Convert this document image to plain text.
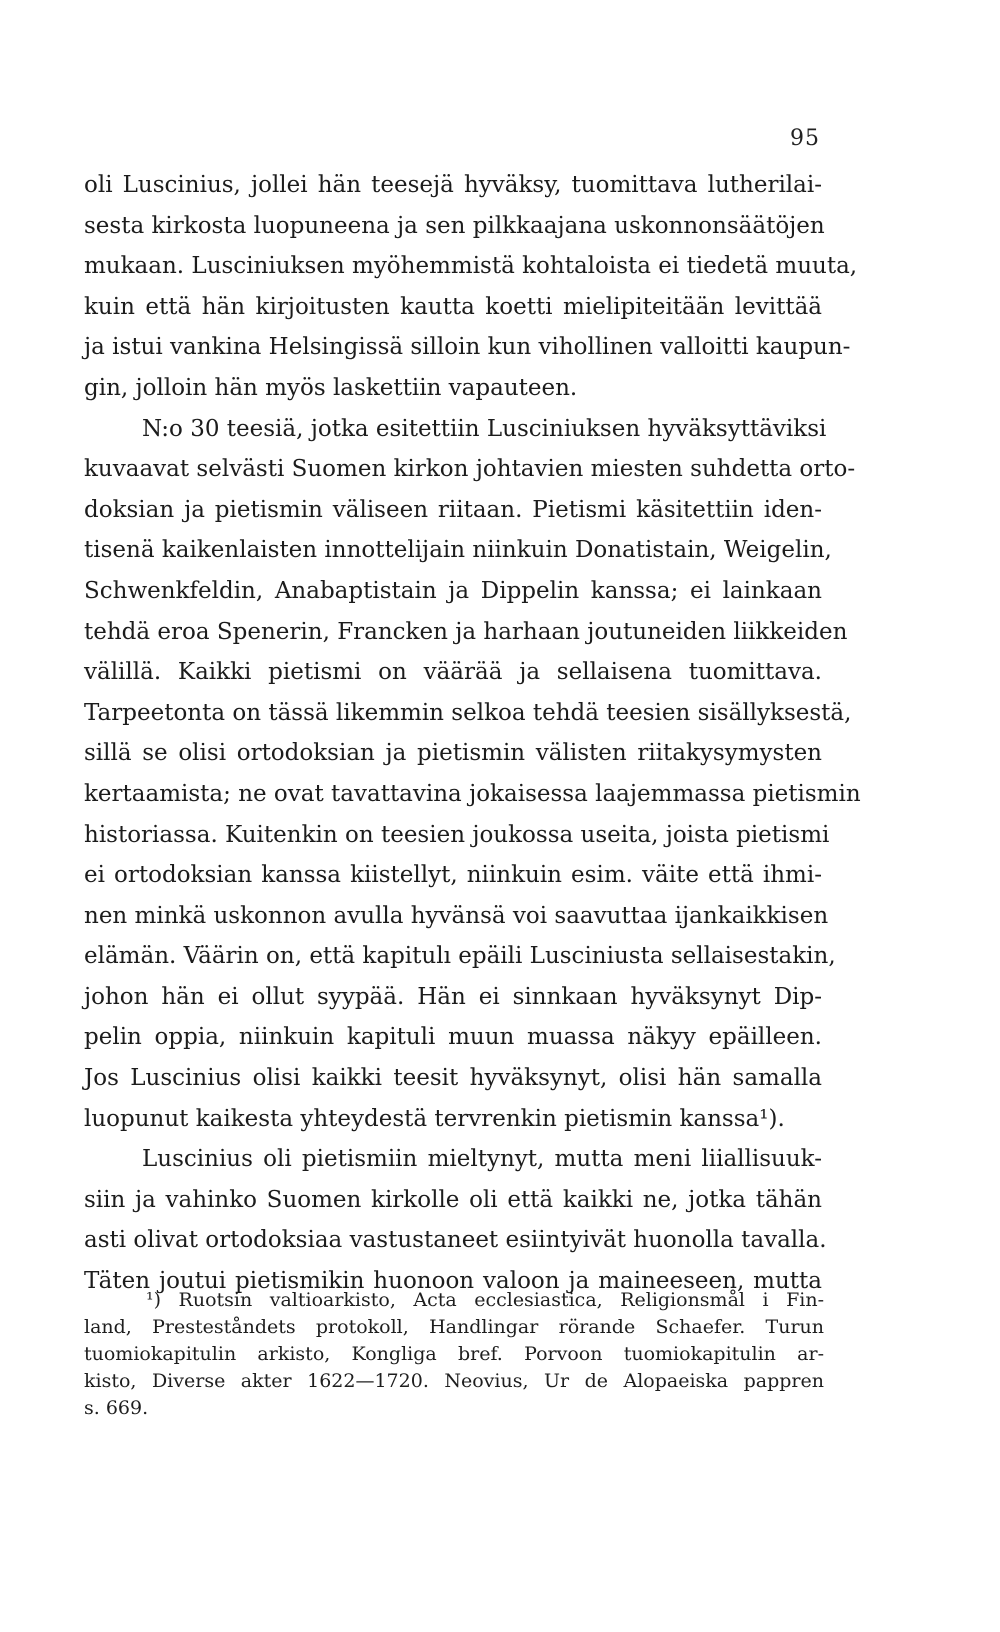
95
oli Luscinius, jollei hän teesejä hyväksy, tuomittava lutherilai-
sesta kirkosta luopuneena ja sen pilkkaajana uskonnonsäätöjen
mukaan. Lusciniuksen myöhemmistä kohtaloista ei tiedetä muuta,
kuin että hän kirjoitusten kautta koetti mielipiteitään levittää
ja istui vankina Helsingissä silloin kun vihollinen valloitti kaupun-
gin, jolloin hän myös laskettiin vapauteen.
N:o 30 teesiä, jotka esitettiin Lusciniuksen hyväksyttäviksi
kuvaavat selvästi Suomen kirkon johtavien miesten suhdetta orto-
doksian ja pietismin väliseen riitaan. Pietismi käsitettiin iden-
tisenä kaikenlaisten innottelijain niinkuin Donatistain, Weigelin,
Schwenkfeldin, Anabaptistain ja Dippelin kanssa; ei lainkaan
tehdä eroa Spenerin, Francken ja harhaan joutuneiden liikkeiden
välillä. Kaikki pietismi on väärää ja sellaisena tuomittava.
Tarpeetonta on tässä likemmin selkoa tehdä teesien sisällyksestä,
sillä se olisi ortodoksian ja pietismin välisten riitakysymysten
kertaamista; ne ovat tavattavina jokaisessa laajemmassa pietismin
historiassa. Kuitenkin on teesien joukossa useita, joista pietismi
ei ortodoksian kanssa kiistellyt, niinkuin esim. väite että ihmi-
nen minkä uskonnon avulla hyvänsä voi saavuttaa ijankaikkisen
elämän. Väärin on, että kapitulı epäili Lusciniusta sellaisestakin,
johon hän ei ollut syypää. Hän ei sinnkaan hyväksynyt Dip-
pelin oppia, niinkuin kapituli muun muassa näkyy epäilleen.
Jos Luscinius olisi kaikki teesit hyväksynyt, olisi hän samalla
luopunut kaikesta yhteydestä tervrenkin pietismin kanssa¹).
Luscinius oli pietismiin mieltynyt, mutta meni liiallisuuk-
siin ja vahinko Suomen kirkolle oli että kaikki ne, jotka tähän
asti olivat ortodoksiaa vastustaneet esiintyivät huonolla tavalla.
Täten joutui pietismikin huonoon valoon ja maineeseen, mutta
¹) Ruotsin valtioarkisto, Acta ecclesiastica, Religionsmål i Fin-
land, Presteståndets protokoll, Handlingar rörande Schaefer. Turun
tuomiokapitulin arkisto, Kongliga bref. Porvoon tuomiokapitulin ar-
kisto, Diverse akter 1622—1720. Neovius, Ur de Alopaeiska pappren
s. 669.
